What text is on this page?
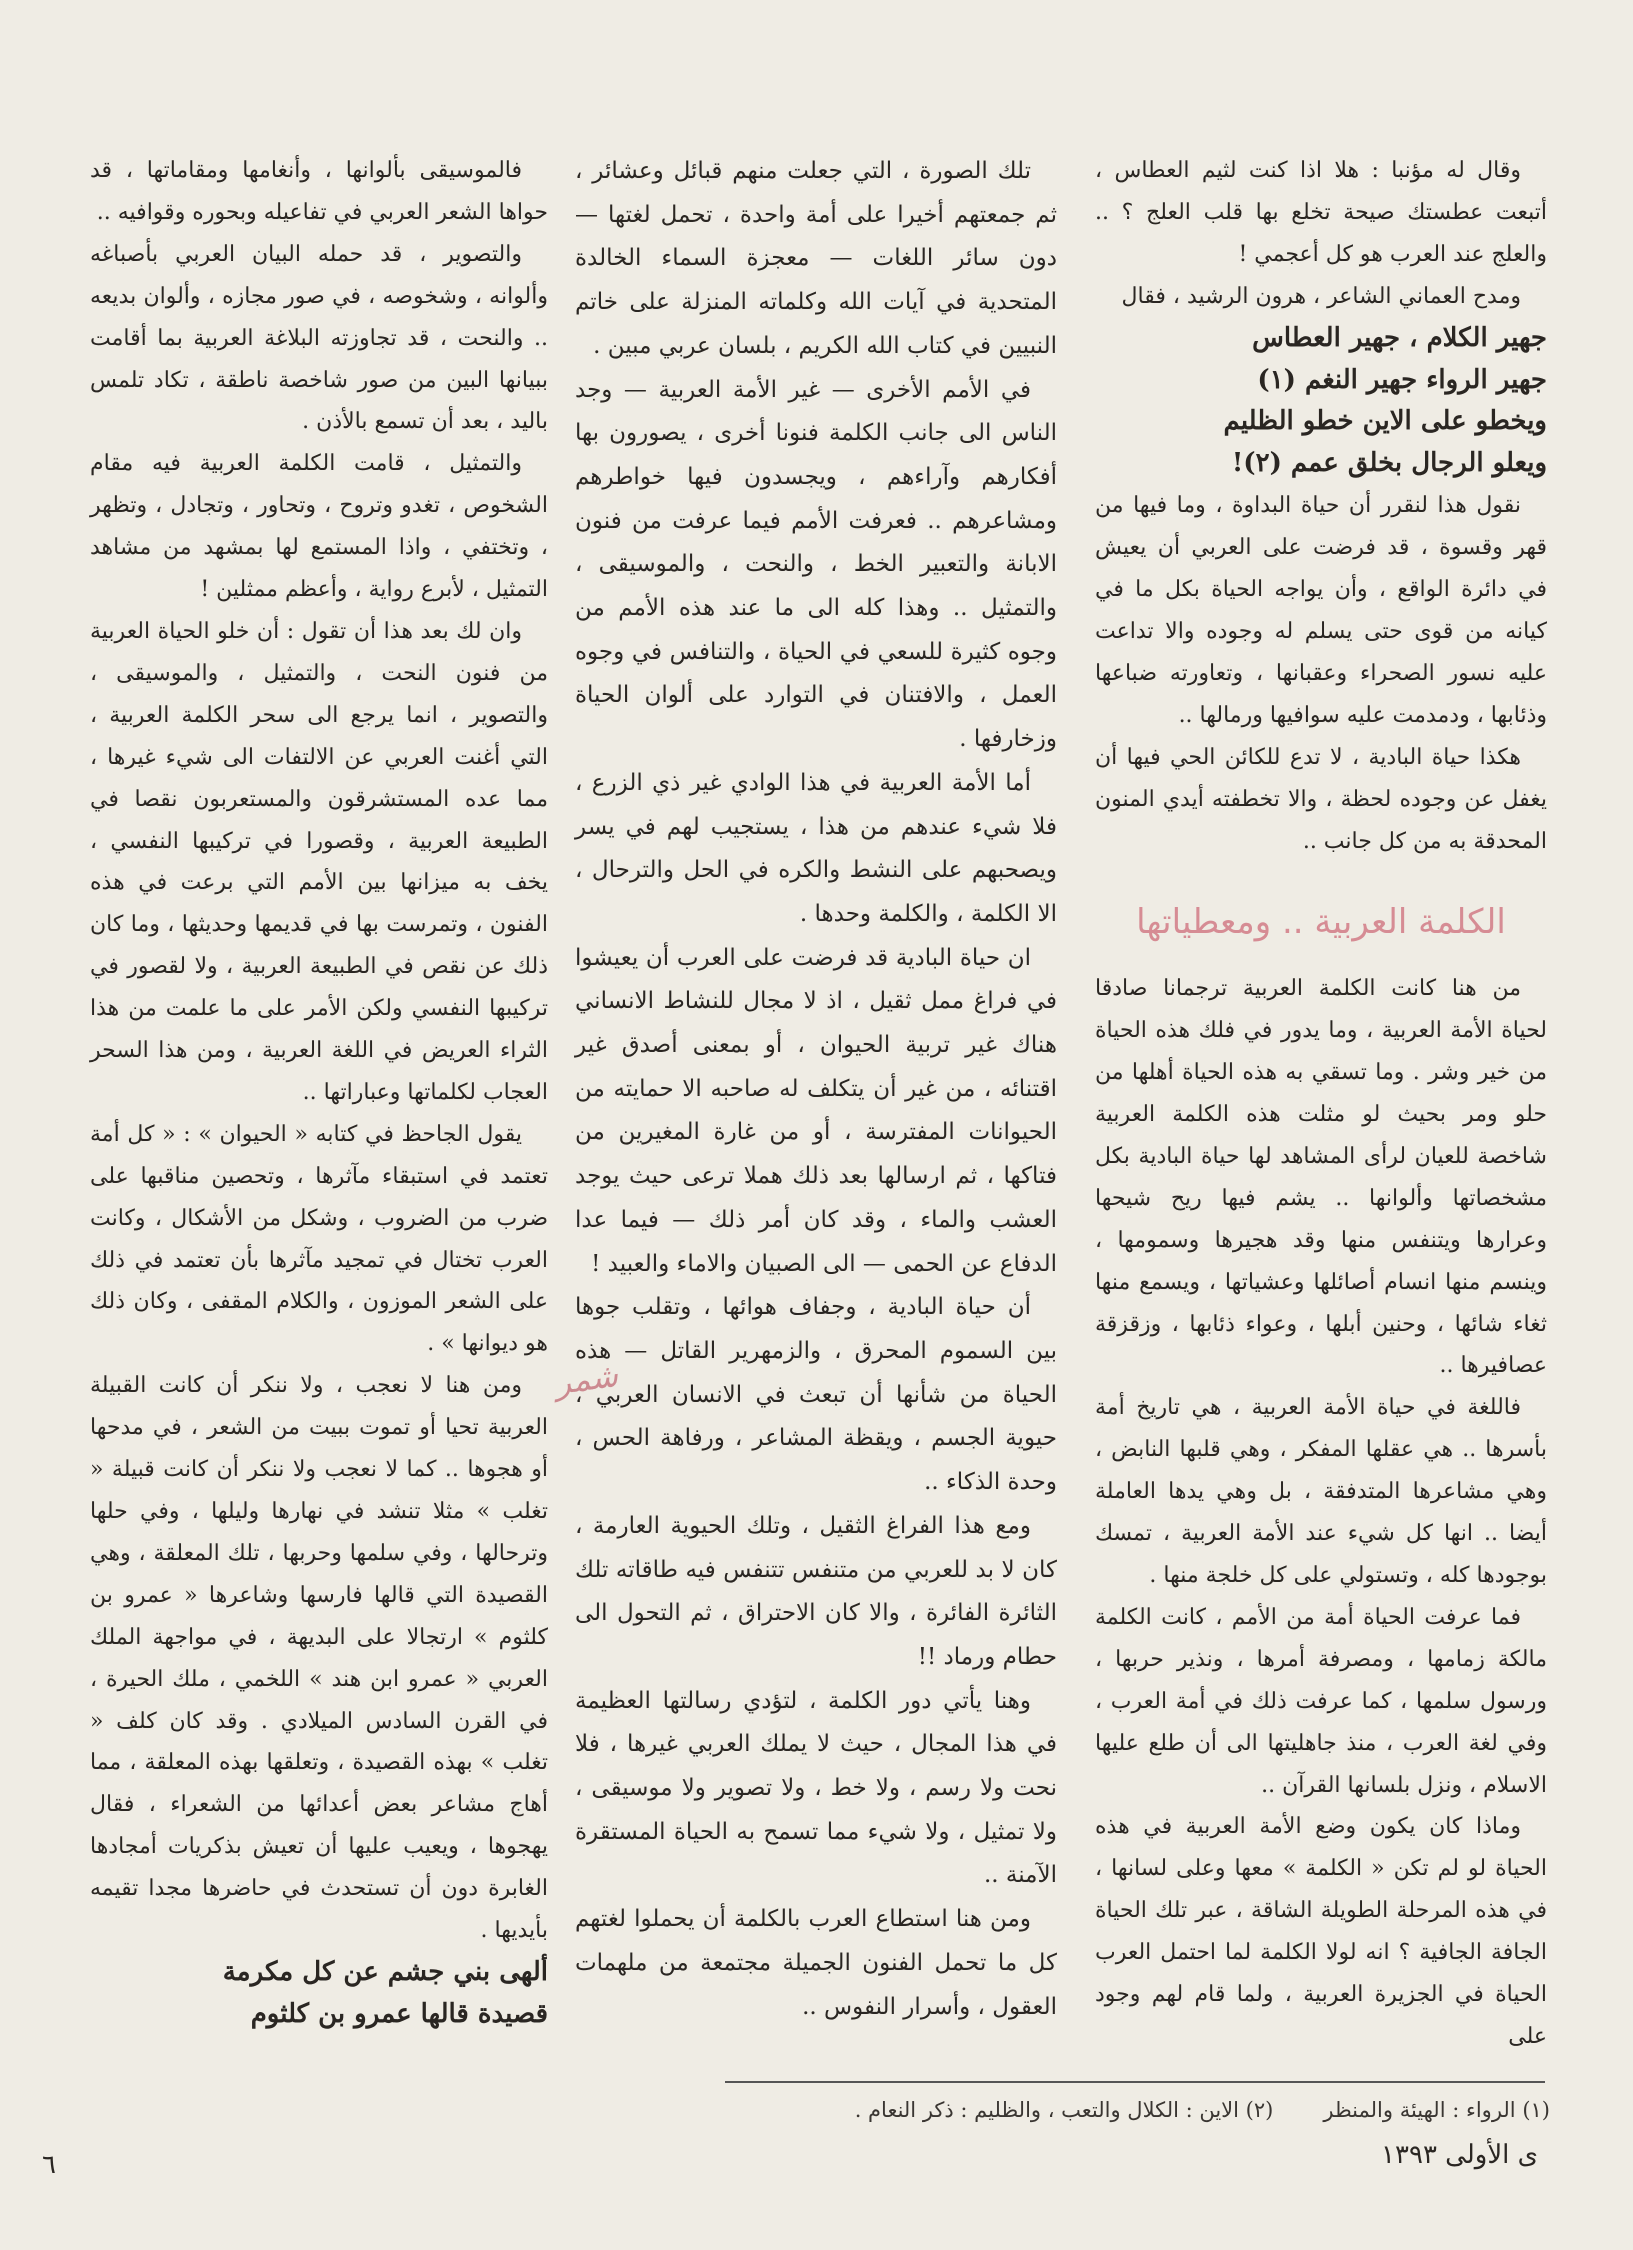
وقال له مؤنبا : هلا اذا كنت لثيم العطاس ، أتبعت عطستك صيحة تخلع بها قلب العلج ؟ .. والعلج عند العرب هو كل أعجمي !

ومدح العماني الشاعر ، هرون الرشيد ، فقال

جهير الكلام ، جهير العطاس

جهير الرواء جهير النغم (١)

ويخطو على الاين خطو الظليم

ويعلو الرجال بخلق عمم (٢)!

نقول هذا لنقرر أن حياة البداوة ، وما فيها من قهر وقسوة ، قد فرضت على العربي أن يعيش في دائرة الواقع ، وأن يواجه الحياة بكل ما في كيانه من قوى حتى يسلم له وجوده والا تداعت عليه نسور الصحراء وعقبانها ، وتعاورته ضباعها وذئابها ، ودمدمت عليه سوافيها ورمالها ..

هكذا حياة البادية ، لا تدع للكائن الحي فيها أن يغفل عن وجوده لحظة ، والا تخطفته أيدي المنون المحدقة به من كل جانب ..

الكلمة العربية .. ومعطياتها

من هنا كانت الكلمة العربية ترجمانا صادقا لحياة الأمة العربية ، وما يدور في فلك هذه الحياة من خير وشر . وما تسقي به هذه الحياة أهلها من حلو ومر بحيث لو مثلت هذه الكلمة العربية شاخصة للعيان لرأى المشاهد لها حياة البادية بكل مشخصاتها وألوانها .. يشم فيها ريح شيحها وعرارها ويتنفس منها وقد هجيرها وسمومها ، وينسم منها انسام أصائلها وعشياتها ، ويسمع منها ثغاء شائها ، وحنين أبلها ، وعواء ذئابها ، وزقزقة عصافيرها ..

فاللغة في حياة الأمة العربية ، هي تاريخ أمة بأسرها .. هي عقلها المفكر ، وهي قلبها النابض ، وهي مشاعرها المتدفقة ، بل وهي يدها العاملة أيضا .. انها كل شيء عند الأمة العربية ، تمسك بوجودها كله ، وتستولي على كل خلجة منها .

فما عرفت الحياة أمة من الأمم ، كانت الكلمة مالكة زمامها ، ومصرفة أمرها ، ونذير حربها ، ورسول سلمها ، كما عرفت ذلك في أمة العرب ، وفي لغة العرب ، منذ جاهليتها الى أن طلع عليها الاسلام ، ونزل بلسانها القرآن ..

وماذا كان يكون وضع الأمة العربية في هذه الحياة لو لم تكن « الكلمة » معها وعلى لسانها ، في هذه المرحلة الطويلة الشاقة ، عبر تلك الحياة الجافة الجافية ؟ انه لولا الكلمة لما احتمل العرب الحياة في الجزيرة العربية ، ولما قام لهم وجود على

تلك الصورة ، التي جعلت منهم قبائل وعشائر ، ثم جمعتهم أخيرا على أمة واحدة ، تحمل لغتها — دون سائر اللغات — معجزة السماء الخالدة المتحدية في آيات الله وكلماته المنزلة على خاتم النبيين في كتاب الله الكريم ، بلسان عربي مبين .

في الأمم الأخرى — غير الأمة العربية — وجد الناس الى جانب الكلمة فنونا أخرى ، يصورون بها أفكارهم وآراءهم ، ويجسدون فيها خواطرهم ومشاعرهم .. فعرفت الأمم فيما عرفت من فنون الابانة والتعبير الخط ، والنحت ، والموسيقى ، والتمثيل .. وهذا كله الى ما عند هذه الأمم من وجوه كثيرة للسعي في الحياة ، والتنافس في وجوه العمل ، والافتنان في التوارد على ألوان الحياة وزخارفها .

أما الأمة العربية في هذا الوادي غير ذي الزرع ، فلا شيء عندهم من هذا ، يستجيب لهم في يسر ويصحبهم على النشط والكره في الحل والترحال ، الا الكلمة ، والكلمة وحدها .

ان حياة البادية قد فرضت على العرب أن يعيشوا في فراغ ممل ثقيل ، اذ لا مجال للنشاط الانساني هناك غير تربية الحيوان ، أو بمعنى أصدق غير اقتنائه ، من غير أن يتكلف له صاحبه الا حمايته من الحيوانات المفترسة ، أو من غارة المغيرين من فتاكها ، ثم ارسالها بعد ذلك هملا ترعى حيث يوجد العشب والماء ، وقد كان أمر ذلك — فيما عدا الدفاع عن الحمى — الى الصبيان والاماء والعبيد !

أن حياة البادية ، وجفاف هوائها ، وتقلب جوها بين السموم المحرق ، والزمهرير القاتل — هذه الحياة من شأنها أن تبعث في الانسان العربي ، حيوية الجسم ، ويقظة المشاعر ، ورفاهة الحس ، وحدة الذكاء ..

ومع هذا الفراغ الثقيل ، وتلك الحيوية العارمة ، كان لا بد للعربي من متنفس تتنفس فيه طاقاته تلك الثائرة الفائرة ، والا كان الاحتراق ، ثم التحول الى حطام ورماد !!

وهنا يأتي دور الكلمة ، لتؤدي رسالتها العظيمة في هذا المجال ، حيث لا يملك العربي غيرها ، فلا نحت ولا رسم ، ولا خط ، ولا تصوير ولا موسيقى ، ولا تمثيل ، ولا شيء مما تسمح به الحياة المستقرة الآمنة ..

ومن هنا استطاع العرب بالكلمة أن يحملوا لغتهم كل ما تحمل الفنون الجميلة مجتمعة من ملهمات العقول ، وأسرار النفوس ..

شمر

فالموسيقى بألوانها ، وأنغامها ومقاماتها ، قد حواها الشعر العربي في تفاعيله وبحوره وقوافيه ..

والتصوير ، قد حمله البيان العربي بأصباغه وألوانه ، وشخوصه ، في صور مجازه ، وألوان بديعه .. والنحت ، قد تجاوزته البلاغة العربية بما أقامت ببيانها البين من صور شاخصة ناطقة ، تكاد تلمس باليد ، بعد أن تسمع بالأذن .

والتمثيل ، قامت الكلمة العربية فيه مقام الشخوص ، تغدو وتروح ، وتحاور ، وتجادل ، وتظهر ، وتختفي ، واذا المستمع لها بمشهد من مشاهد التمثيل ، لأبرع رواية ، وأعظم ممثلين !

وان لك بعد هذا أن تقول : أن خلو الحياة العربية من فنون النحت ، والتمثيل ، والموسيقى ، والتصوير ، انما يرجع الى سحر الكلمة العربية ، التي أغنت العربي عن الالتفات الى شيء غيرها ، مما عده المستشرقون والمستعربون نقصا في الطبيعة العربية ، وقصورا في تركيبها النفسي ، يخف به ميزانها بين الأمم التي برعت في هذه الفنون ، وتمرست بها في قديمها وحديثها ، وما كان ذلك عن نقص في الطبيعة العربية ، ولا لقصور في تركيبها النفسي ولكن الأمر على ما علمت من هذا الثراء العريض في اللغة العربية ، ومن هذا السحر العجاب لكلماتها وعباراتها ..

يقول الجاحظ في كتابه « الحيوان » : « كل أمة تعتمد في استبقاء مآثرها ، وتحصين مناقبها على ضرب من الضروب ، وشكل من الأشكال ، وكانت العرب تختال في تمجيد مآثرها بأن تعتمد في ذلك على الشعر الموزون ، والكلام المقفى ، وكان ذلك هو ديوانها » .

ومن هنا لا نعجب ، ولا ننكر أن كانت القبيلة العربية تحيا أو تموت ببيت من الشعر ، في مدحها أو هجوها .. كما لا نعجب ولا ننكر أن كانت قبيلة « تغلب » مثلا تنشد في نهارها وليلها ، وفي حلها وترحالها ، وفي سلمها وحربها ، تلك المعلقة ، وهي القصيدة التي قالها فارسها وشاعرها « عمرو بن كلثوم » ارتجالا على البديهة ، في مواجهة الملك العربي « عمرو ابن هند » اللخمي ، ملك الحيرة ، في القرن السادس الميلادي . وقد كان كلف « تغلب » بهذه القصيدة ، وتعلقها بهذه المعلقة ، مما أهاج مشاعر بعض أعدائها من الشعراء ، فقال يهجوها ، ويعيب عليها أن تعيش بذكريات أمجادها الغابرة دون أن تستحدث في حاضرها مجدا تقيمه بأيديها .

ألهى بني جشم عن كل مكرمة

قصيدة قالها عمرو بن كلثوم

(١) الرواء : الهيئة والمنظر
(٢) الاين : الكلال والتعب ، والظليم : ذكر النعام .
٦	ى الأولى ١٣٩٣
